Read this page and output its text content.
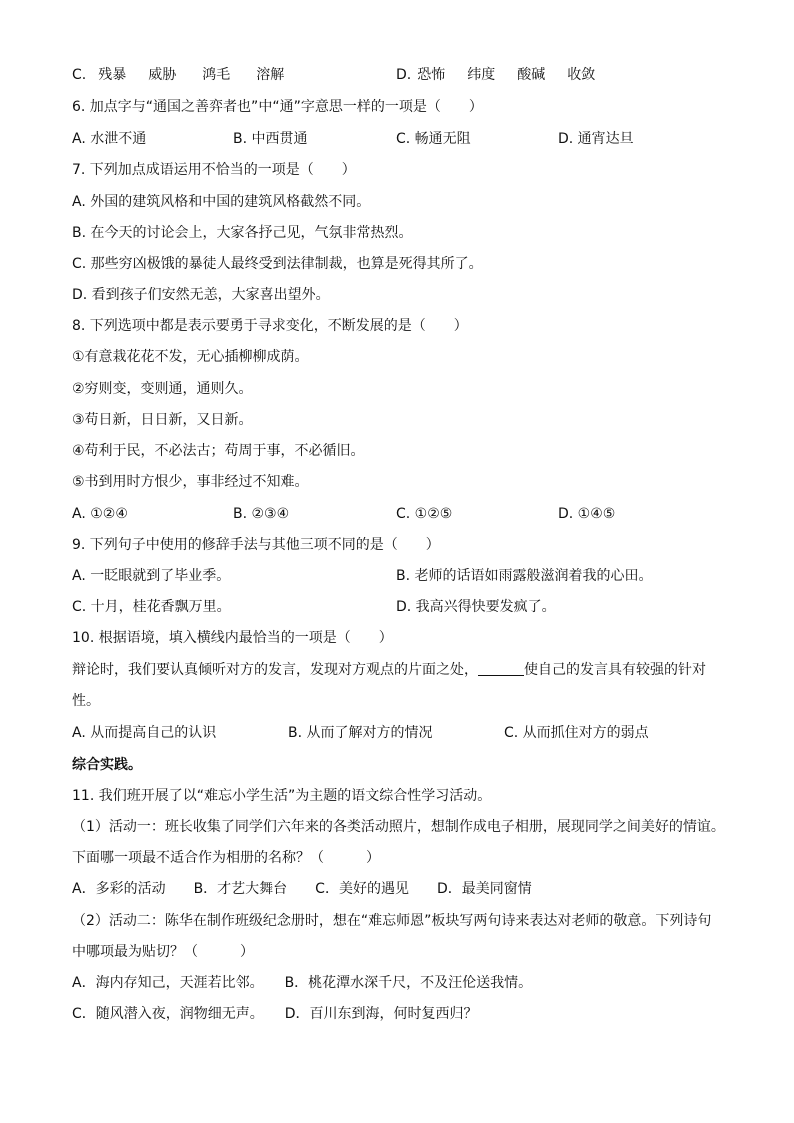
C. 残暴 威胁 鸿毛 溶解	D. 恐怖 纬度 酸碱 收敛
6. 加点字与“通国之善弈者也”中“通”字意思一样的一项是（　　）
A. 水泄不通	B. 中西贯通	C. 畅通无阻	D. 通宵达旦
7. 下列加点成语运用不恰当的一项是（　　）
A. 外国的建筑风格和中国的建筑风格截然不同。
B. 在今天的讨论会上，大家各抒己见，气氛非常热烈。
C. 那些穷凶极饿的暴徒人最终受到法律制裁，也算是死得其所了。
D. 看到孩子们安然无恙，大家喜出望外。
8. 下列选项中都是表示要勇于寻求变化，不断发展的是（　　）
①有意栽花花不发，无心插柳柳成荫。
②穷则变，变则通，通则久。
③苟日新，日日新，又日新。
④苟利于民，不必法古；苟周于事，不必循旧。
⑤书到用时方恨少，事非经过不知难。
A. ①②④	B. ②③④	C. ①②⑤	D. ①④⑤
9. 下列句子中使用的修辞手法与其他三项不同的是（　　）
A. 一眨眼就到了毕业季。	B. 老师的话语如雨露般滋润着我的心田。
C. 十月，桂花香飘万里。	D. 我高兴得快要发疯了。
10. 根据语境，填入横线内最恰当的一项是（　　）
辩论时，我们要认真倾听对方的发言，发现对方观点的片面之处，	使自己的发言具有较强的针对
性。
A. 从而提高自己的认识	B. 从而了解对方的情况	C. 从而抓住对方的弱点
综合实践。
11. 我们班开展了以“难忘小学生活”为主题的语文综合性学习活动。
（1）活动一：班长收集了同学们六年来的各类活动照片，想制作成电子相册，展现同学之间美好的情谊。
下面哪一项最不适合作为相册的名称？（　　　）
A．多彩的活动　　B．才艺大舞台　　C．美好的遇见　　D．最美同窗情
（2）活动二：陈华在制作班级纪念册时，想在“难忘师恩”板块写两句诗来表达对老师的敬意。下列诗句
中哪项最为贴切？（　　　）
A．海内存知己，天涯若比邻。　　B．桃花潭水深千尺，不及汪伦送我情。
C．随风潜入夜，润物细无声。　　D．百川东到海，何时复西归？
